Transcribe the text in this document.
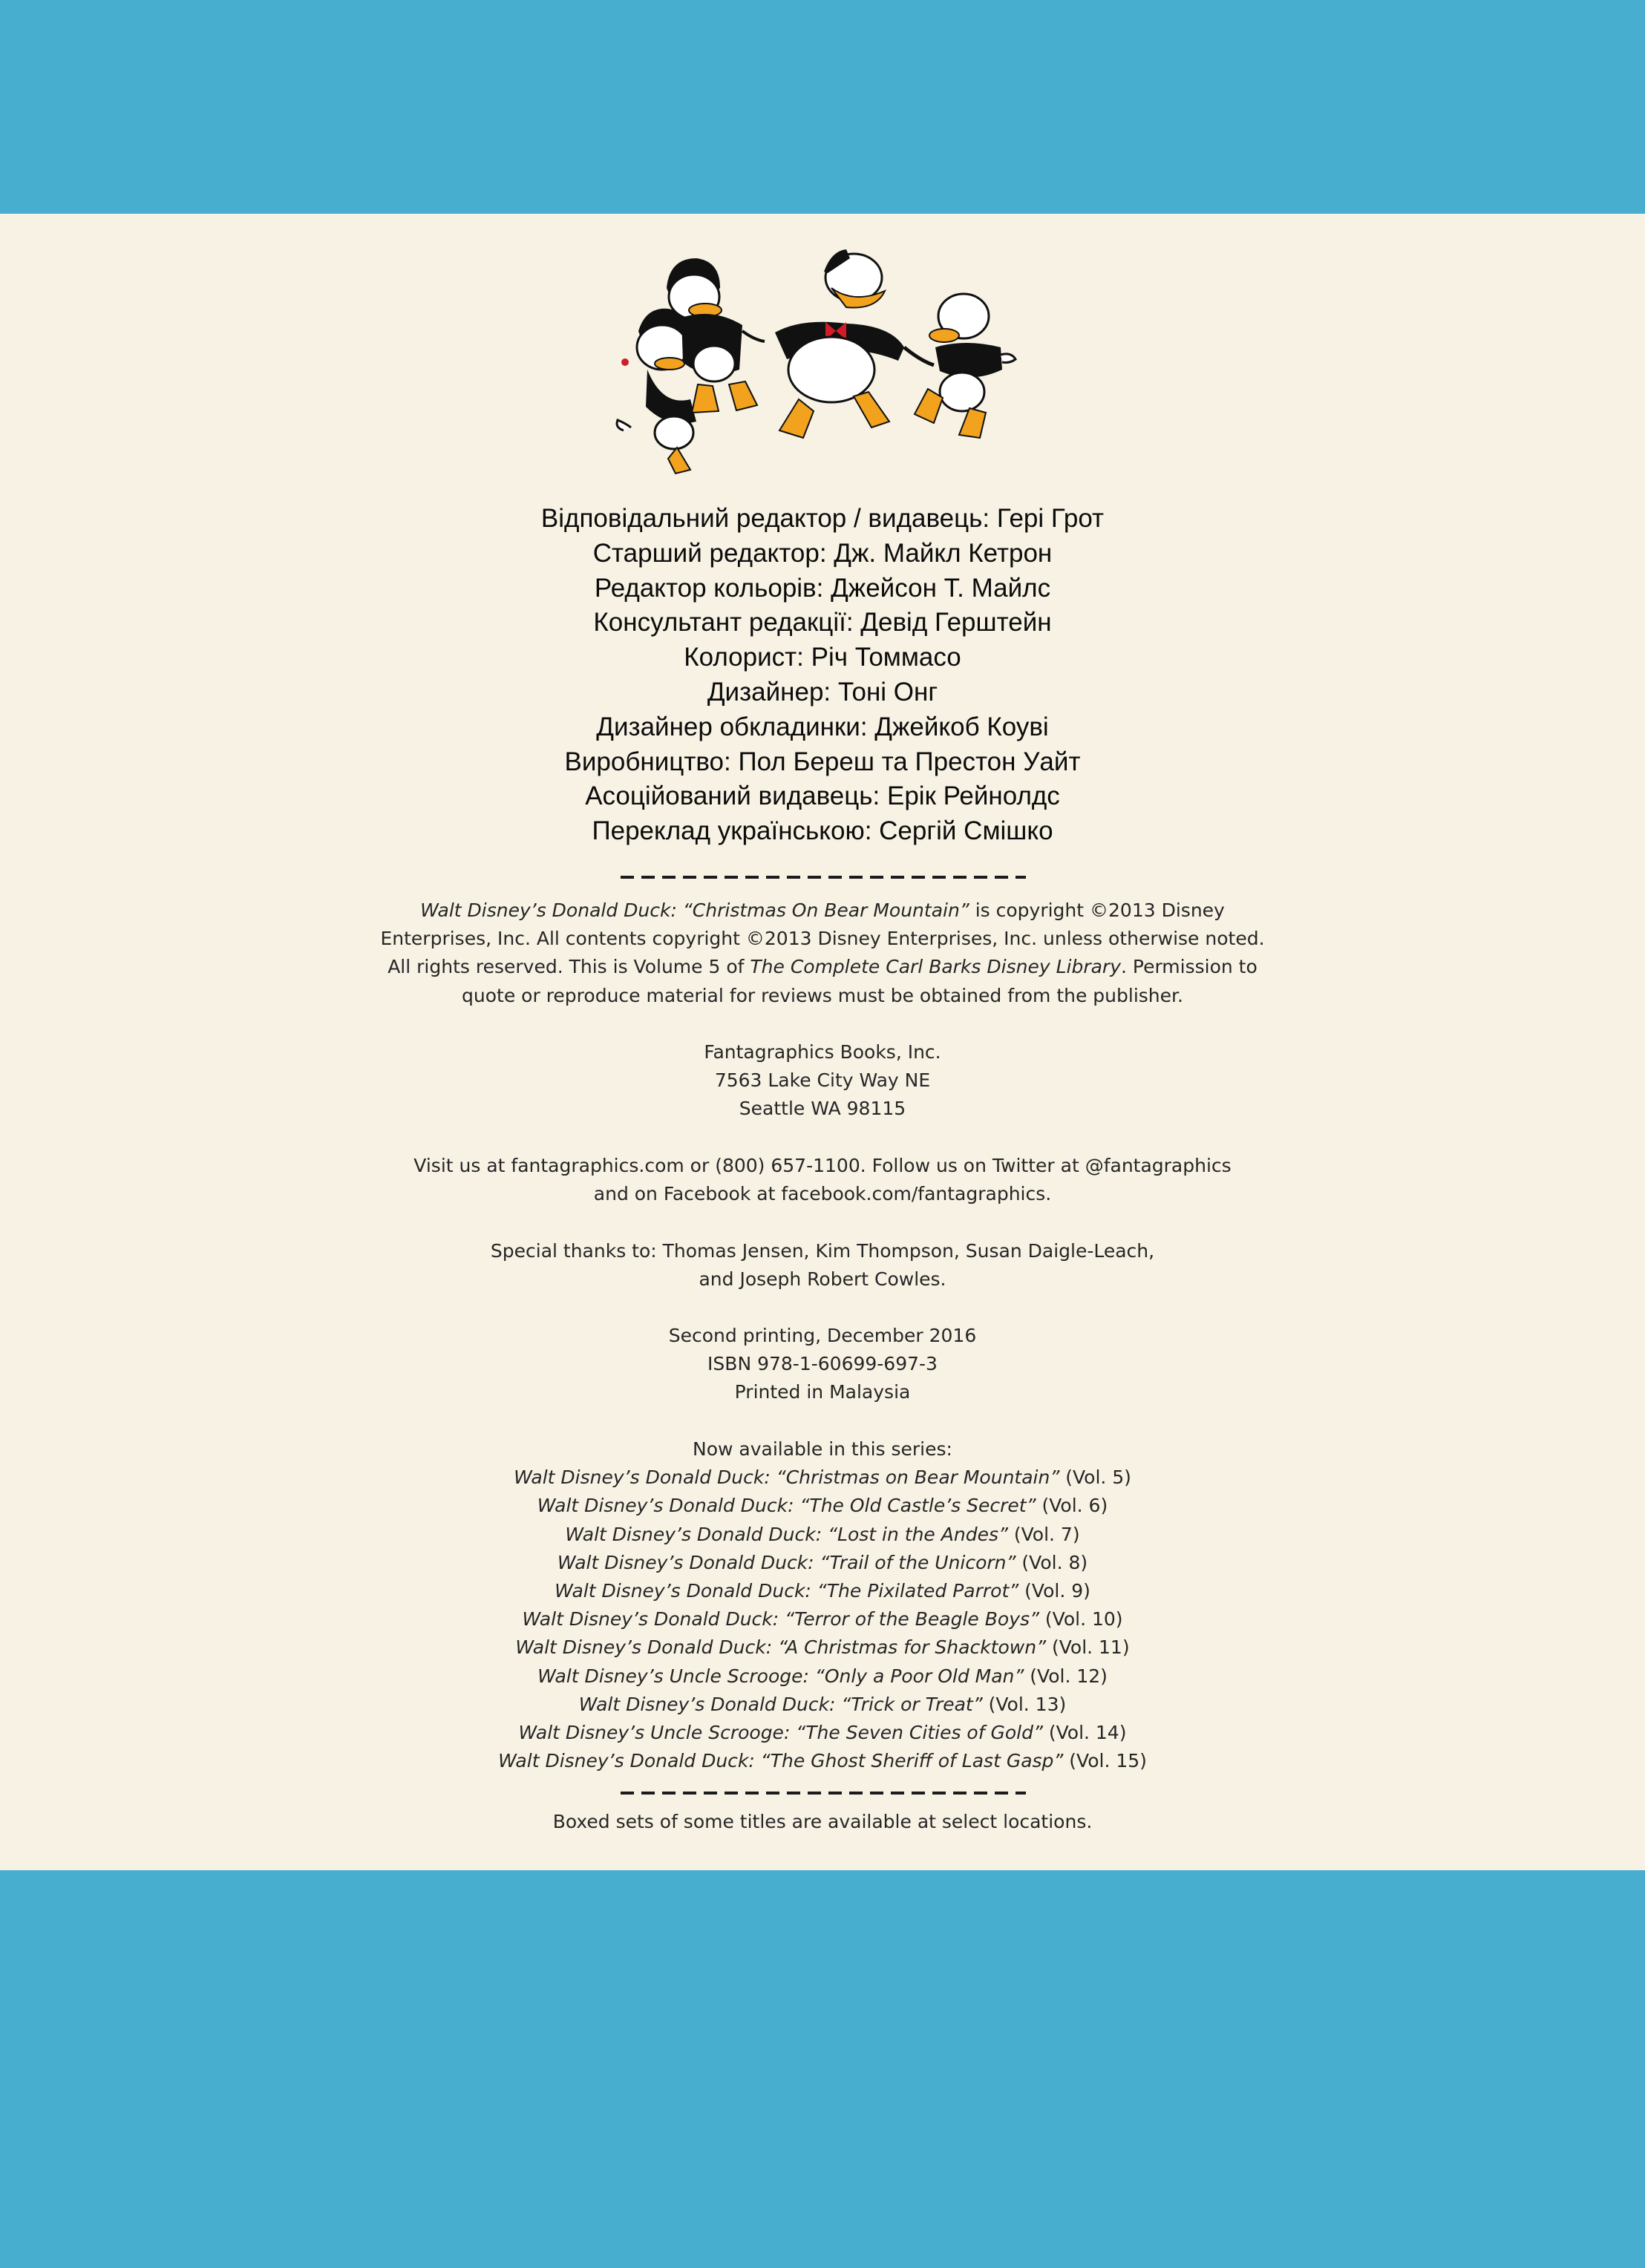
Відповідальний редактор / видавець: Гері Грот
Старший редактор: Дж. Майкл Кетрон
Редактор кольорів: Джейсон Т. Майлс
Консультант редакції: Девід Герштейн
Колорист: Річ Томмасо
Дизайнер: Тоні Онг
Дизайнер обкладинки: Джейкоб Коуві
Виробництво: Пол Береш та Престон Уайт
Асоційований видавець: Ерік Рейнолдс
Переклад українською: Сергій Смішко
Walt Disney’s Donald Duck: “Christmas On Bear Mountain” is copyright ©2013 Disney
Enterprises, Inc. All contents copyright ©2013 Disney Enterprises, Inc. unless otherwise noted.
All rights reserved. This is Volume 5 of The Complete Carl Barks Disney Library. Permission to
quote or reproduce material for reviews must be obtained from the publisher.
Fantagraphics Books, Inc.
7563 Lake City Way NE
Seattle WA 98115
Visit us at fantagraphics.com or (800) 657-1100. Follow us on Twitter at @fantagraphics
and on Facebook at facebook.com/fantagraphics.
Special thanks to: Thomas Jensen, Kim Thompson, Susan Daigle-Leach,
and Joseph Robert Cowles.
Second printing, December 2016
ISBN 978-1-60699-697-3
Printed in Malaysia
Now available in this series:
Walt Disney’s Donald Duck: “Christmas on Bear Mountain” (Vol. 5)
Walt Disney’s Donald Duck: “The Old Castle’s Secret” (Vol. 6)
Walt Disney’s Donald Duck: “Lost in the Andes” (Vol. 7)
Walt Disney’s Donald Duck: “Trail of the Unicorn” (Vol. 8)
Walt Disney’s Donald Duck: “The Pixilated Parrot” (Vol. 9)
Walt Disney’s Donald Duck: “Terror of the Beagle Boys” (Vol. 10)
Walt Disney’s Donald Duck: “A Christmas for Shacktown” (Vol. 11)
Walt Disney’s Uncle Scrooge: “Only a Poor Old Man” (Vol. 12)
Walt Disney’s Donald Duck: “Trick or Treat” (Vol. 13)
Walt Disney’s Uncle Scrooge: “The Seven Cities of Gold” (Vol. 14)
Walt Disney’s Donald Duck: “The Ghost Sheriff of Last Gasp” (Vol. 15)
Boxed sets of some titles are available at select locations.
